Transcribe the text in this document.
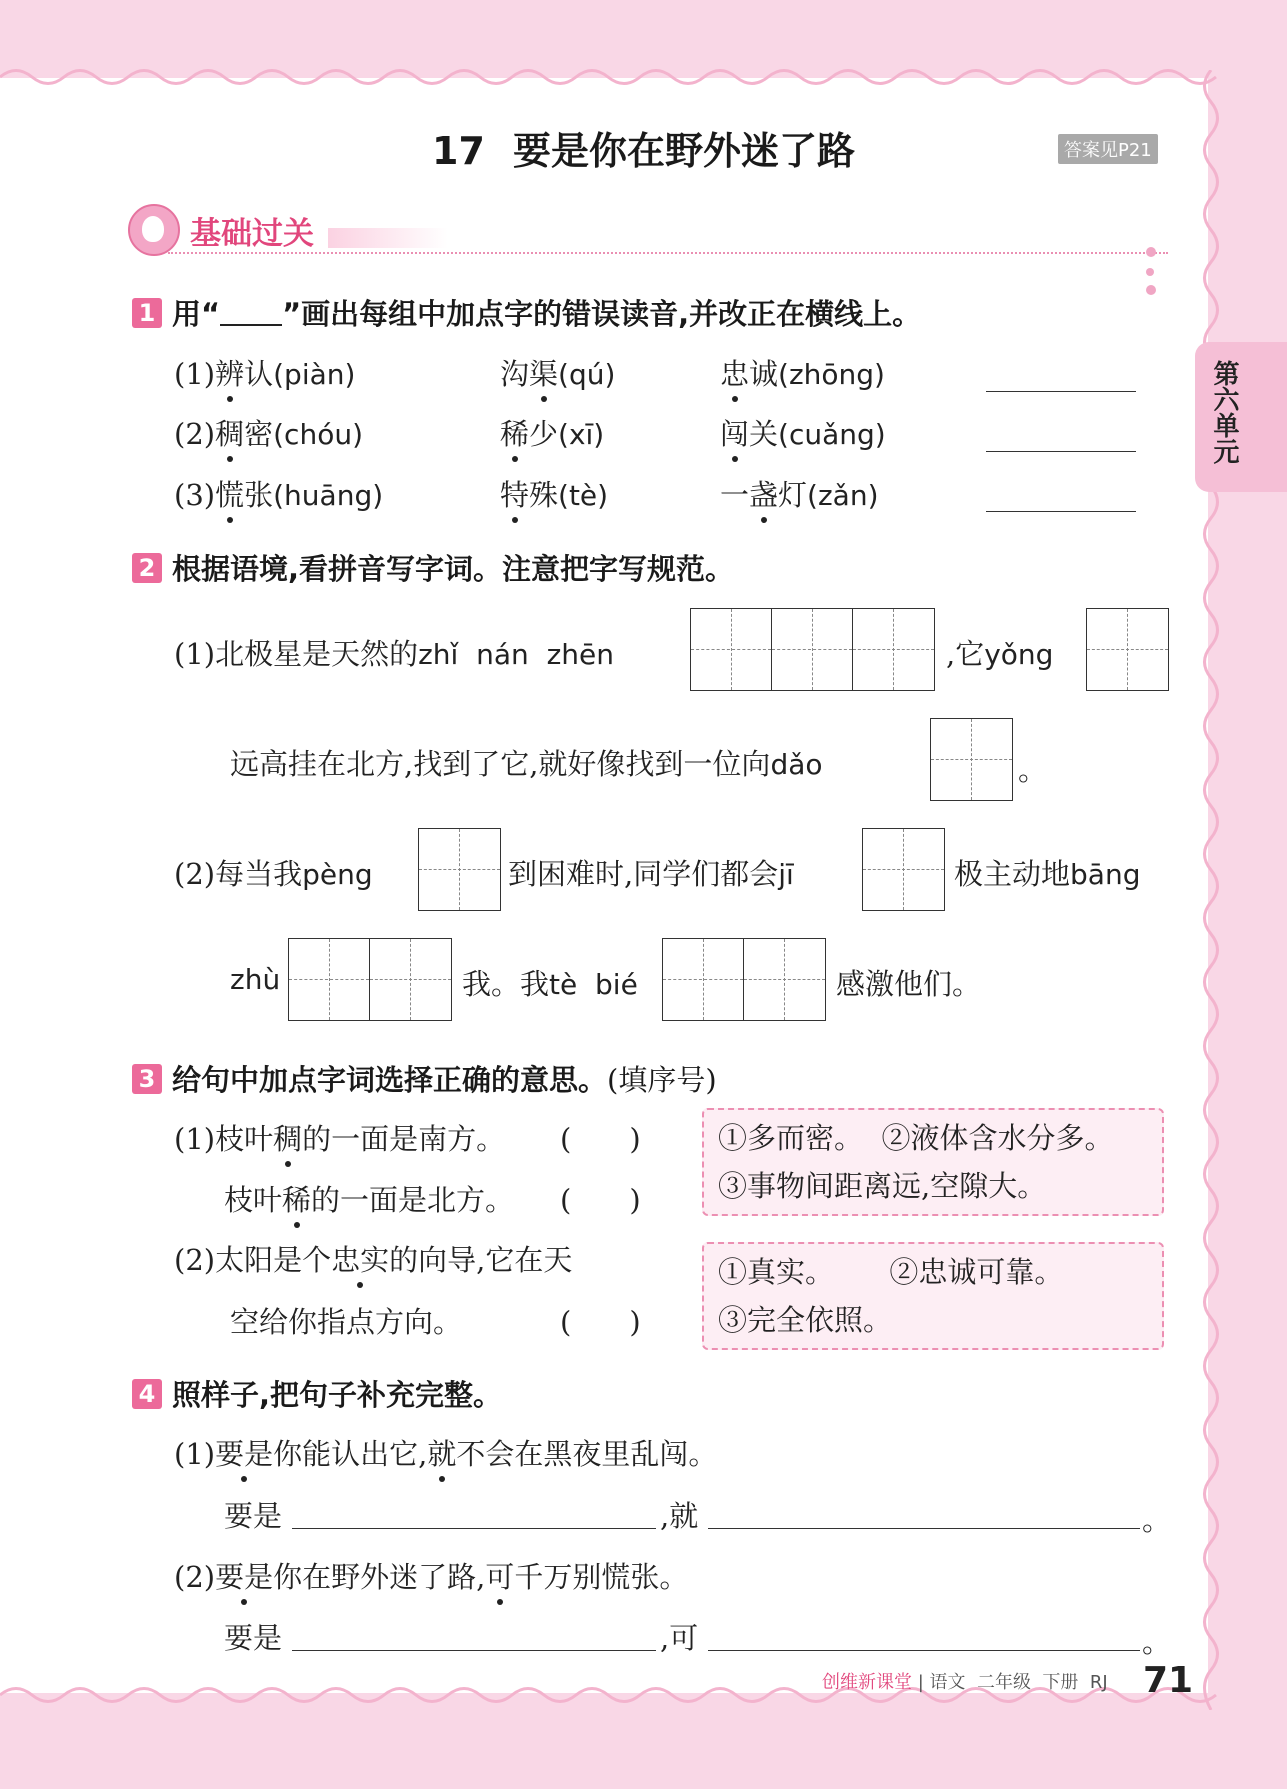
17 要是你在野外迷了路	答案见P21
基础过关
第六单元
1 用“ ”画出每组中加点字的错误读音,并改正在横线上。
(1)辨认(piàn)	沟渠(qú)	忠诚(zhōng)
(2)稠密(chóu)	稀少(xī)	闯关(cuǎng)
(3)慌张(huāng)	特殊(tè)	一盏灯(zǎn)
2 根据语境,看拼音写字词。注意把字写规范。
(1)北极星是天然的zhǐ  nán  zhēn	,它yǒng
远高挂在北方,找到了它,就好像找到一位向dǎo	。
(2)每当我pèng	到困难时,同学们都会jī	极主动地bāng
zhù	我。我tè  bié	感激他们。
3 给句中加点字词选择正确的意思。(填序号)
(1)枝叶稠的一面是南方。 (　　)
枝叶稀的一面是北方。 (　　)
①多而密。 ②液体含水分多。
③事物间距离远,空隙大。
(2)太阳是个忠实的向导,它在天
空给你指点方向。	(　　)
①真实。 ②忠诚可靠。
③完全依照。
4 照样子,把句子补充完整。
(1)要是你能认出它,就不会在黑夜里乱闯。
要是	,就	。
(2)要是你在野外迷了路,可千万别慌张。
要是	,可	。
创维新课堂 | 语文  二年级  下册  RJ 71
